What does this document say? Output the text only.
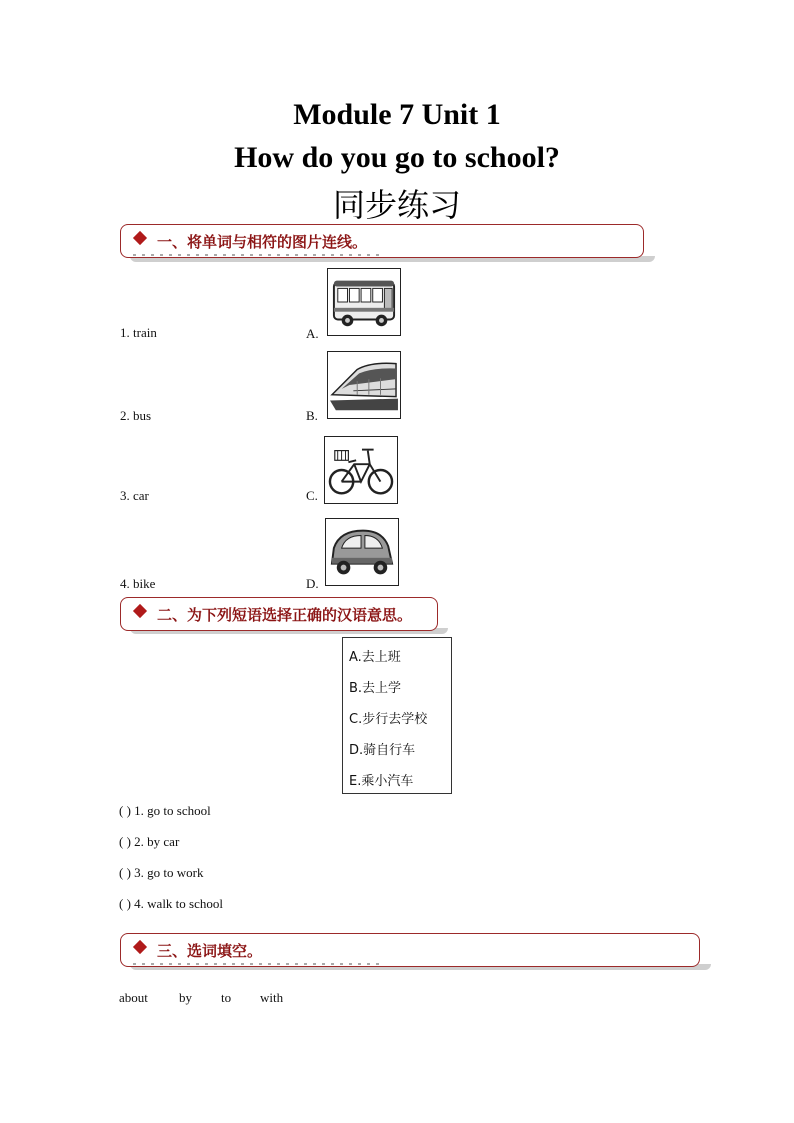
Module 7 Unit 1
How do you go to school?
同步练习
一、将单词与相符的图片连线。
1. train
2. bus
3. car
4. bike
A.
B.
C.
D.
二、为下列短语选择正确的汉语意思。
A.去上班
B.去上学
C.步行去学校
D.骑自行车
E.乘小汽车
( ) 1. go to school
( ) 2. by car
( ) 3. go to work
( ) 4. walk to school
三、选词填空。
about by to with
